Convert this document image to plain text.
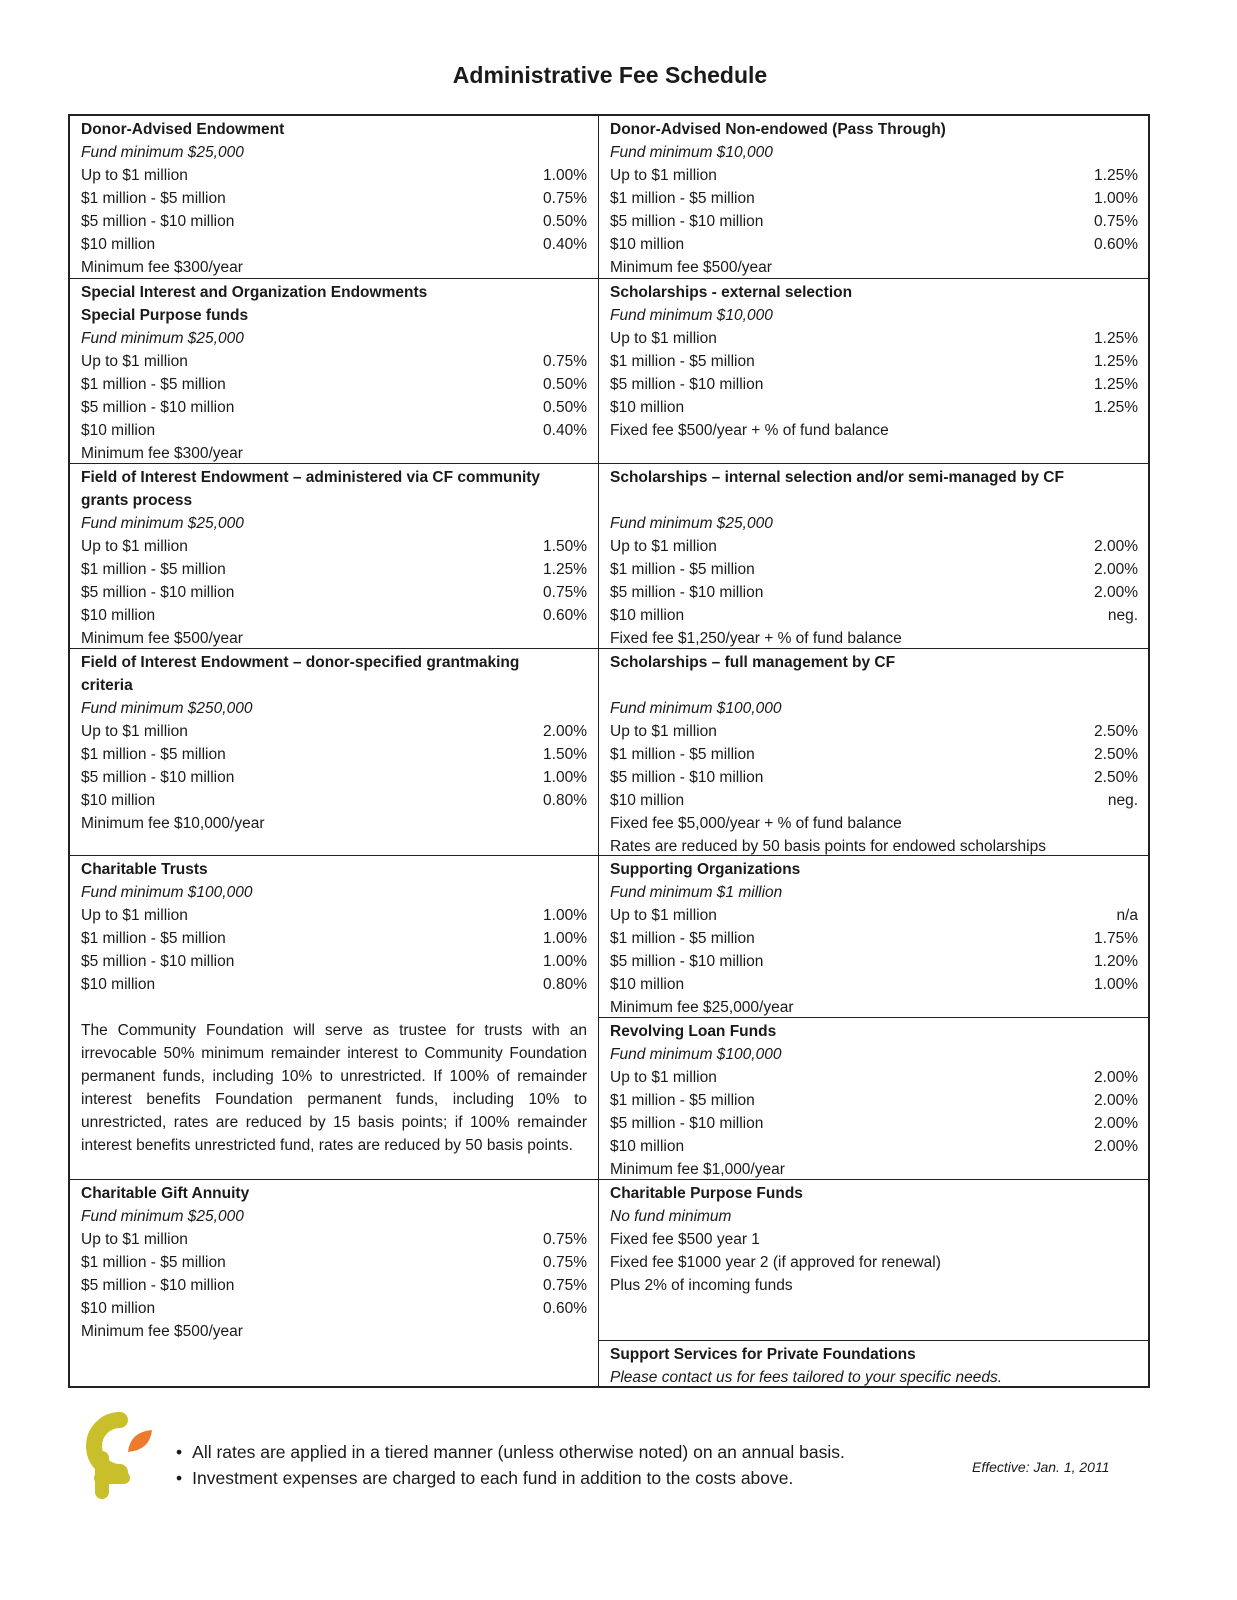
Administrative Fee Schedule
Donor-Advised Endowment
Fund minimum $25,000
Up to $1 million	1.00%
$1 million - $5 million	0.75%
$5 million - $10 million	0.50%
$10 million	0.40%
Minimum fee $300/year
Special Interest and Organization Endowments
Special Purpose funds
Fund minimum $25,000
Up to $1 million	0.75%
$1 million - $5 million	0.50%
$5 million - $10 million	0.50%
$10 million	0.40%
Minimum fee $300/year
Field of Interest Endowment – administered via CF community
grants process
Fund minimum $25,000
Up to $1 million	1.50%
$1 million - $5 million	1.25%
$5 million - $10 million	0.75%
$10 million	0.60%
Minimum fee $500/year
Field of Interest Endowment – donor-specified grantmaking
criteria
Fund minimum $250,000
Up to $1 million	2.00%
$1 million - $5 million	1.50%
$5 million - $10 million	1.00%
$10 million	0.80%
Minimum fee $10,000/year
Charitable Trusts
Fund minimum $100,000
Up to $1 million	1.00%
$1 million - $5 million	1.00%
$5 million - $10 million	1.00%
$10 million	0.80%
The Community Foundation will serve as trustee for trusts with an irrevocable 50% minimum remainder interest to Community Foundation permanent funds, including 10% to unrestricted. If 100% of remainder interest benefits Foundation permanent funds, including 10% to unrestricted, rates are reduced by 15 basis points; if 100% remainder interest benefits unrestricted fund, rates are reduced by 50 basis points.
Charitable Gift Annuity
Fund minimum $25,000
Up to $1 million	0.75%
$1 million - $5 million	0.75%
$5 million - $10 million	0.75%
$10 million	0.60%
Minimum fee $500/year
Donor-Advised Non-endowed (Pass Through)
Fund minimum $10,000
Up to $1 million	1.25%
$1 million - $5 million	1.00%
$5 million - $10 million	0.75%
$10 million	0.60%
Minimum fee $500/year
Scholarships - external selection
Fund minimum $10,000
Up to $1 million	1.25%
$1 million - $5 million	1.25%
$5 million - $10 million	1.25%
$10 million	1.25%
Fixed fee $500/year + % of fund balance
Scholarships – internal selection and/or semi-managed by CF
Fund minimum $25,000
Up to $1 million	2.00%
$1 million - $5 million	2.00%
$5 million - $10 million	2.00%
$10 million	neg.
Fixed fee $1,250/year + % of fund balance
Scholarships – full management by CF
Fund minimum $100,000
Up to $1 million	2.50%
$1 million - $5 million	2.50%
$5 million - $10 million	2.50%
$10 million	neg.
Fixed fee $5,000/year + % of fund balance
Rates are reduced by 50 basis points for endowed scholarships
Supporting Organizations
Fund minimum $1 million
Up to $1 million	n/a
$1 million - $5 million	1.75%
$5 million - $10 million	1.20%
$10 million	1.00%
Minimum fee $25,000/year
Revolving Loan Funds
Fund minimum $100,000
Up to $1 million	2.00%
$1 million - $5 million	2.00%
$5 million - $10 million	2.00%
$10 million	2.00%
Minimum fee $1,000/year
Charitable Purpose Funds
No fund minimum
Fixed fee $500 year 1
Fixed fee $1000 year 2 (if approved for renewal)
Plus 2% of incoming funds
Support Services for Private Foundations
Please contact us for fees tailored to your specific needs.
• All rates are applied in a tiered manner (unless otherwise noted) on an annual basis.
• Investment expenses are charged to each fund in addition to the costs above.
Effective: Jan. 1, 2011
